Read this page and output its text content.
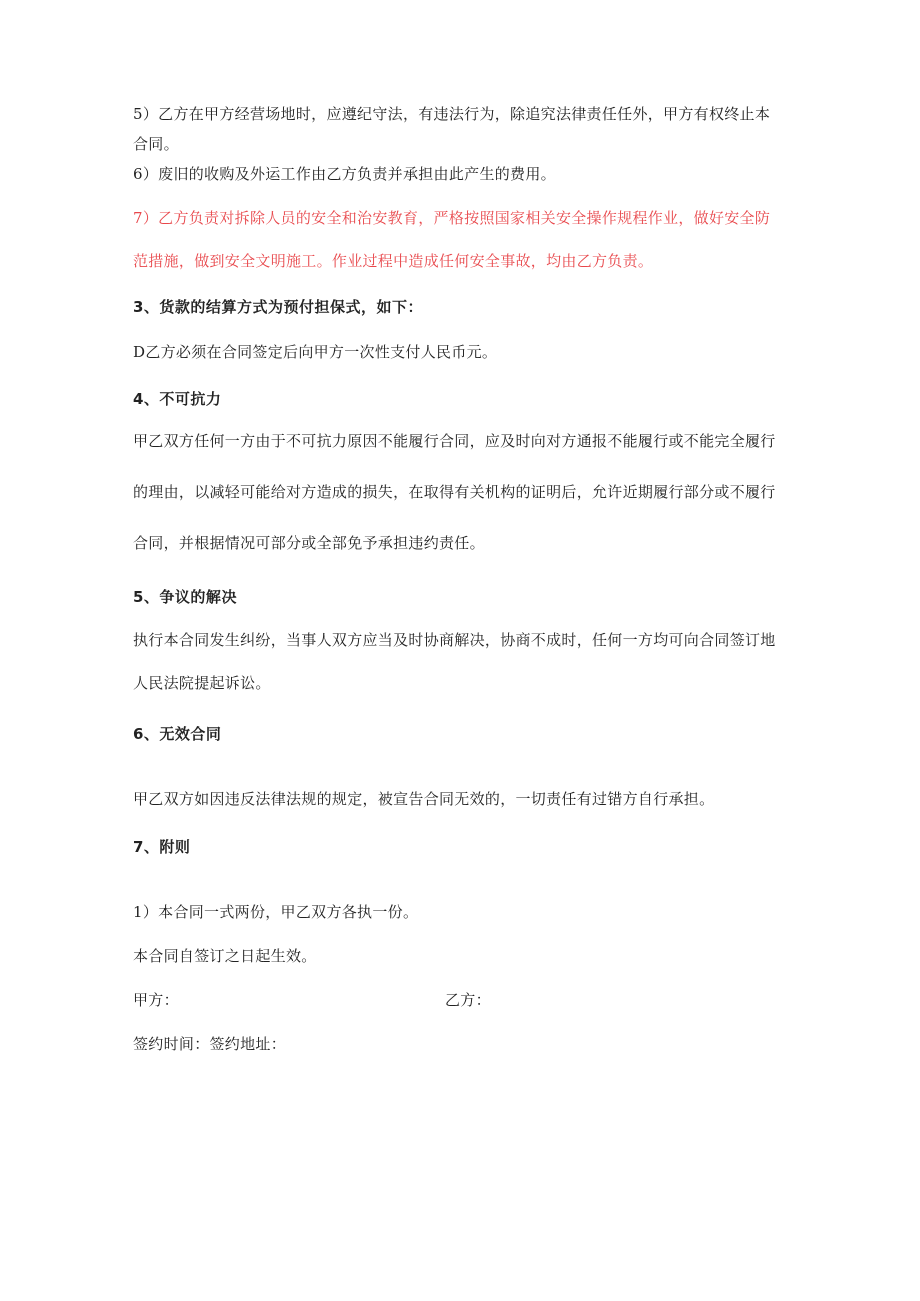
5）乙方在甲方经营场地时，应遵纪守法，有违法行为，除追究法律责任任外，甲方有权终止本合同。

6）废旧的收购及外运工作由乙方负责并承担由此产生的费用。

7）乙方负责对拆除人员的安全和治安教育，严格按照国家相关安全操作规程作业，做好安全防范措施，做到安全文明施工。作业过程中造成任何安全事故，均由乙方负责。

3、货款的结算方式为预付担保式，如下：

D乙方必须在合同签定后向甲方一次性支付人民币元。

4、不可抗力

甲乙双方任何一方由于不可抗力原因不能履行合同，应及时向对方通报不能履行或不能完全履行的理由，以减轻可能给对方造成的损失，在取得有关机构的证明后，允许近期履行部分或不履行合同，并根据情况可部分或全部免予承担违约责任。

5、争议的解决

执行本合同发生纠纷，当事人双方应当及时协商解决，协商不成时，任何一方均可向合同签订地人民法院提起诉讼。

6、无效合同

甲乙双方如因违反法律法规的规定，被宣告合同无效的，一切责任有过错方自行承担。

7、附则

1）本合同一式两份，甲乙双方各执一份。

本合同自签订之日起生效。

甲方：	乙方：

签约时间：签约地址：
